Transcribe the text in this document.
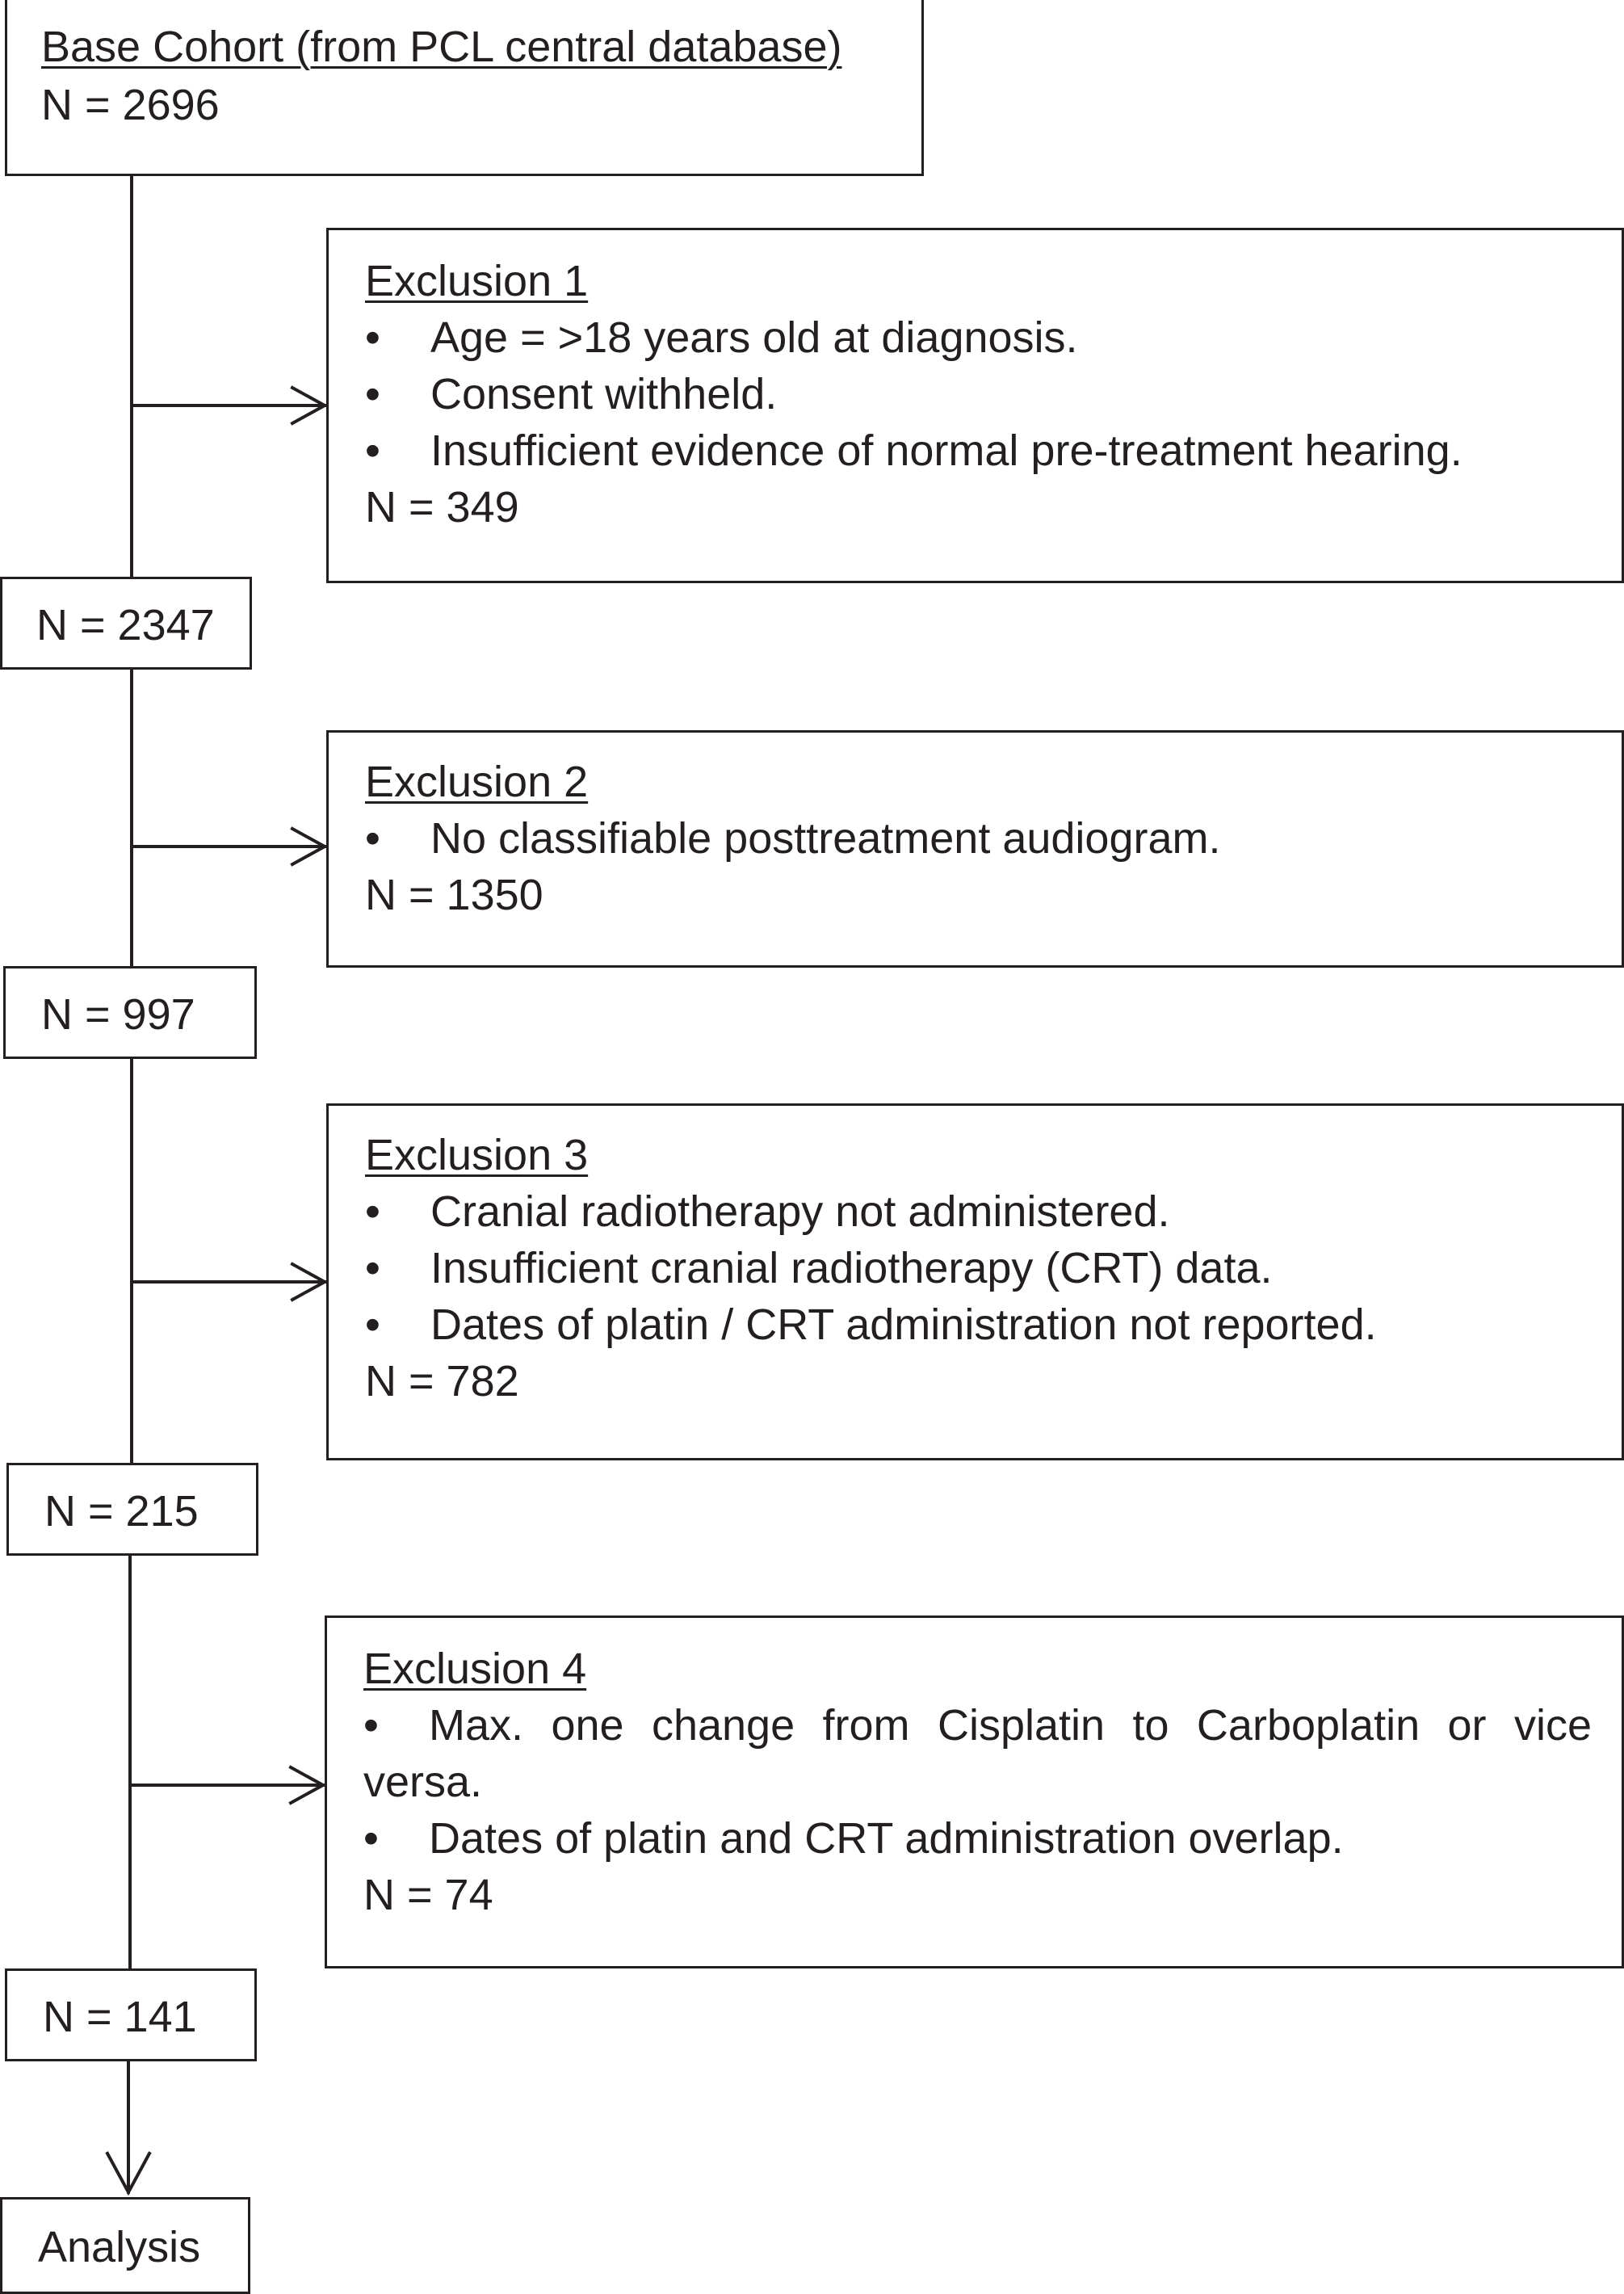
Base Cohort (from PCL central database)
N = 2696
Exclusion 1
• Age = >18 years old at diagnosis.
• Consent withheld.
• Insufficient evidence of normal pre-treatment hearing.
N = 349
N = 2347
Exclusion 2
• No classifiable posttreatment audiogram.
N = 1350
N = 997
Exclusion 3
• Cranial radiotherapy not administered.
• Insufficient cranial radiotherapy (CRT) data.
• Dates of platin / CRT administration not reported.
N = 782
N = 215
Exclusion 4
• Max. one change from Cisplatin to Carboplatin or vice
versa.
• Dates of platin and CRT administration overlap.
N = 74
N = 141
Analysis
